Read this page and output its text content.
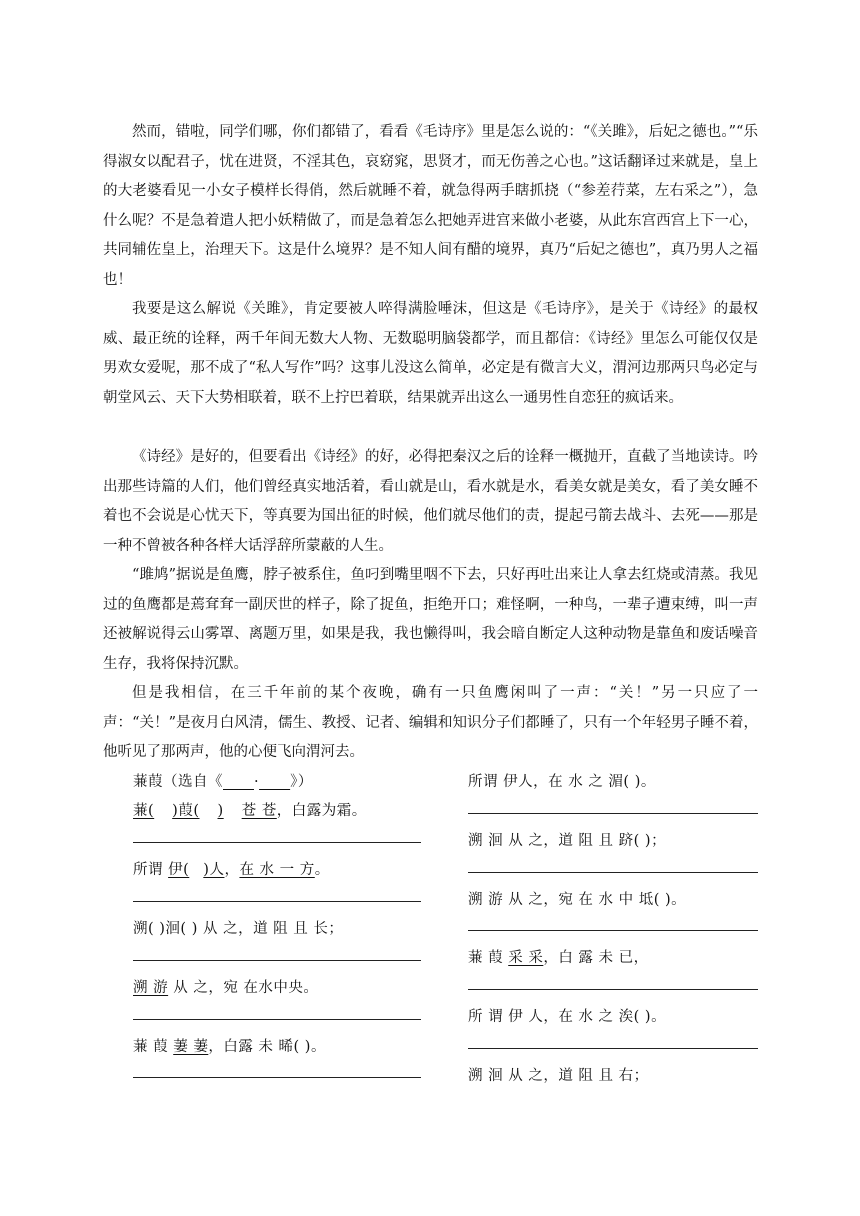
然而，错啦，同学们哪，你们都错了，看看《毛诗序》里是怎么说的：“《关雎》，后妃之德也。”“乐得淑女以配君子，忧在进贤，不淫其色，哀窈窕，思贤才，而无伤善之心也。”这话翻译过来就是，皇上的大老婆看见一小女子模样长得俏，然后就睡不着，就急得两手瞎抓挠（“参差荇菜，左右采之”），急什么呢？不是急着遣人把小妖精做了，而是急着怎么把她弄进宫来做小老婆，从此东宫西宫上下一心，共同辅佐皇上，治理天下。这是什么境界？是不知人间有醋的境界，真乃“后妃之德也”，真乃男人之福也！

我要是这么解说《关雎》，肯定要被人啐得满脸唾沫，但这是《毛诗序》，是关于《诗经》的最权威、最正统的诠释，两千年间无数大人物、无数聪明脑袋都学，而且都信：《诗经》里怎么可能仅仅是男欢女爱呢，那不成了“私人写作”吗？这事儿没这么简单，必定是有微言大义，渭河边那两只鸟必定与朝堂风云、天下大势相联着，联不上拧巴着联，结果就弄出这么一通男性自恋狂的疯话来。

《诗经》是好的，但要看出《诗经》的好，必得把秦汉之后的诠释一概抛开，直截了当地读诗。吟出那些诗篇的人们，他们曾经真实地活着，看山就是山，看水就是水，看美女就是美女，看了美女睡不着也不会说是心忧天下，等真要为国出征的时候，他们就尽他们的责，提起弓箭去战斗、去死——那是一种不曾被各种各样大话浮辞所蒙蔽的人生。

“雎鸠”据说是鱼鹰，脖子被系住，鱼叼到嘴里咽不下去，只好再吐出来让人拿去红烧或清蒸。我见过的鱼鹰都是蔫耷耷一副厌世的样子，除了捉鱼，拒绝开口；难怪啊，一种鸟，一辈子遭束缚，叫一声还被解说得云山雾罩、离题万里，如果是我，我也懒得叫，我会暗自断定人这种动物是靠鱼和废话噪音生存，我将保持沉默。

但是我相信，在三千年前的某个夜晚，确有一只鱼鹰闲叫了一声：“关！”另一只应了一声：“关！”是夜月白风清，儒生、教授、记者、编辑和知识分子们都睡了，只有一个年轻男子睡不着，他听见了那两声，他的心便飞向渭河去。

蒹葭（选自《____·____》）
蒹( )葭( ) 苍 苍，白露为霜。
所谓 伊( )人，在 水 一 方。
溯( )洄( ) 从 之，道 阻 且 长；
溯 游 从 之，宛 在水中央。
蒹 葭 萋 萋，白露 未 晞( )。
所谓 伊人，在 水 之 湄( )。
溯 洄 从 之，道 阻 且 跻( )；
溯 游 从 之，宛 在 水 中 坻( )。
蒹 葭 采 采，白 露 未 已，
所 谓 伊 人，在 水 之 涘( )。
溯 洄 从 之，道 阻 且 右；
